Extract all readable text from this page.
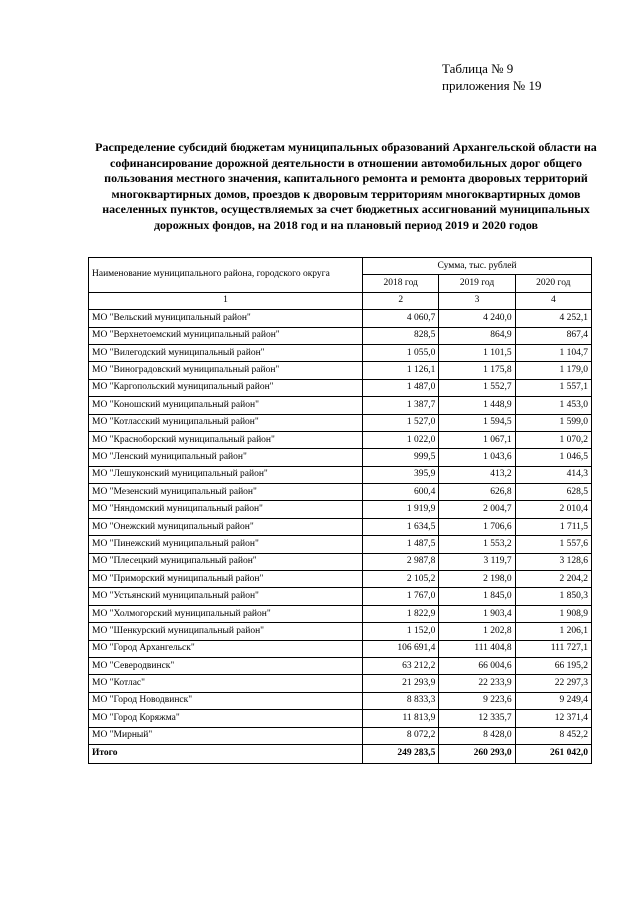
Таблица № 9
приложения № 19
Распределение субсидий бюджетам муниципальных образований Архангельской области на софинансирование дорожной деятельности в отношении автомобильных дорог общего пользования местного значения, капитального ремонта и ремонта дворовых территорий многоквартирных домов, проездов к дворовым территориям многоквартирных домов населенных пунктов, осуществляемых за счет бюджетных ассигнований муниципальных дорожных фондов, на 2018 год и на плановый период 2019 и 2020 годов
Наименование муниципального района, городского округа	Сумма, тыс. рублей		
	2018 год	2019 год	2020 год
1	2	3	4
МО "Вельский муниципальный район"	4 060,7	4 240,0	4 252,1
МО "Верхнетоемский муниципальный район"	828,5	864,9	867,4
МО "Вилегодский муниципальный район"	1 055,0	1 101,5	1 104,7
МО "Виноградовский муниципальный район"	1 126,1	1 175,8	1 179,0
МО "Каргопольский муниципальный район"	1 487,0	1 552,7	1 557,1
МО "Коношский муниципальный район"	1 387,7	1 448,9	1 453,0
МО "Котласский муниципальный район"	1 527,0	1 594,5	1 599,0
МО "Красноборский муниципальный район"	1 022,0	1 067,1	1 070,2
МО "Ленский муниципальный район"	999,5	1 043,6	1 046,5
МО "Лешуконский муниципальный район"	395,9	413,2	414,3
МО "Мезенский муниципальный район"	600,4	626,8	628,5
МО "Няндомский муниципальный район"	1 919,9	2 004,7	2 010,4
МО "Онежский муниципальный район"	1 634,5	1 706,6	1 711,5
МО "Пинежский муниципальный район"	1 487,5	1 553,2	1 557,6
МО "Плесецкий муниципальный район"	2 987,8	3 119,7	3 128,6
МО "Приморский муниципальный район"	2 105,2	2 198,0	2 204,2
МО "Устьянский муниципальный район"	1 767,0	1 845,0	1 850,3
МО "Холмогорский муниципальный район"	1 822,9	1 903,4	1 908,9
МО "Шенкурский муниципальный район"	1 152,0	1 202,8	1 206,1
МО "Город Архангельск"	106 691,4	111 404,8	111 727,1
МО "Северодвинск"	63 212,2	66 004,6	66 195,2
МО "Котлас"	21 293,9	22 233,9	22 297,3
МО "Город Новодвинск"	8 833,3	9 223,6	9 249,4
МО "Город Коряжма"	11 813,9	12 335,7	12 371,4
МО "Мирный"	8 072,2	8 428,0	8 452,2
Итого	249 283,5	260 293,0	261 042,0
